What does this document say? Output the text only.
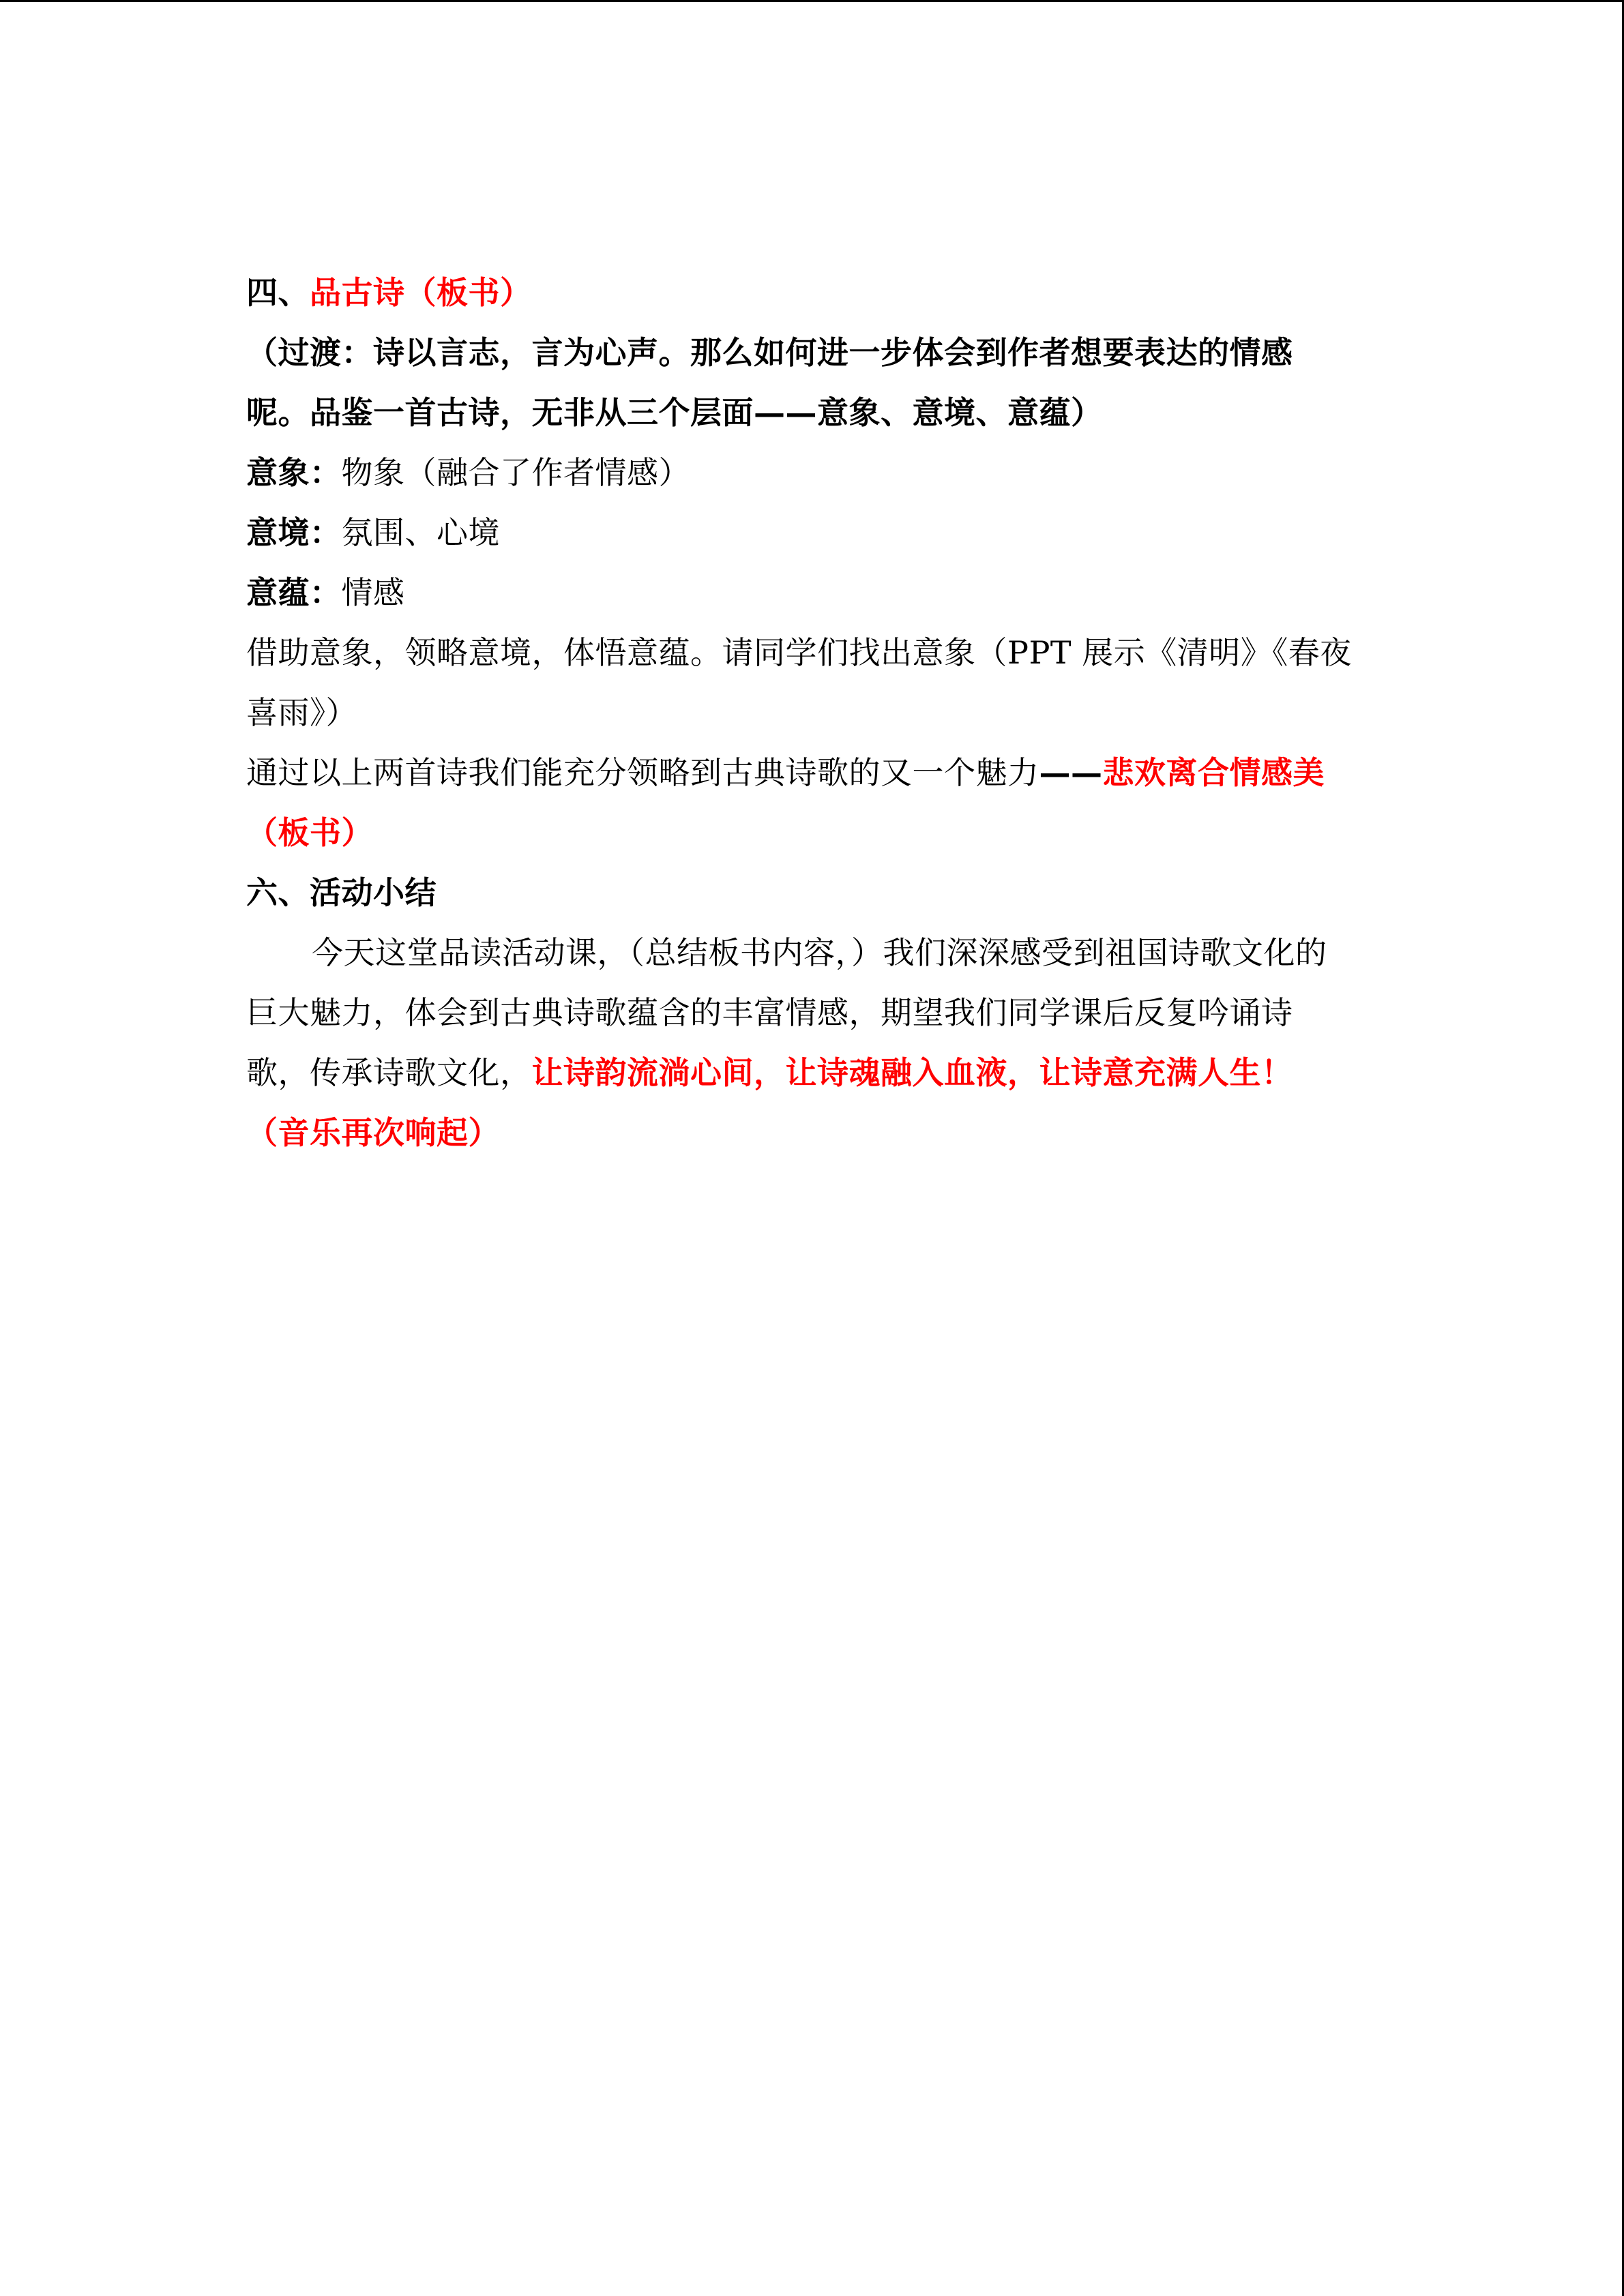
四、品古诗（板书）
（过渡：诗以言志，言为心声。那么如何进一步体会到作者想要表达的情感
呢。品鉴一首古诗，无非从三个层面——意象、意境、意蕴）
意象：物象（融合了作者情感）
意境：氛围、心境
意蕴：情感
借助意象，领略意境，体悟意蕴。请同学们找出意象（PPT 展示《清明》《春夜
喜雨》）
通过以上两首诗我们能充分领略到古典诗歌的又一个魅力——悲欢离合情感美
（板书）
六、活动小结
今天这堂品读活动课，（总结板书内容，）我们深深感受到祖国诗歌文化的
巨大魅力，体会到古典诗歌蕴含的丰富情感，期望我们同学课后反复吟诵诗
歌，传承诗歌文化，让诗韵流淌心间，让诗魂融入血液，让诗意充满人生！
（音乐再次响起）
